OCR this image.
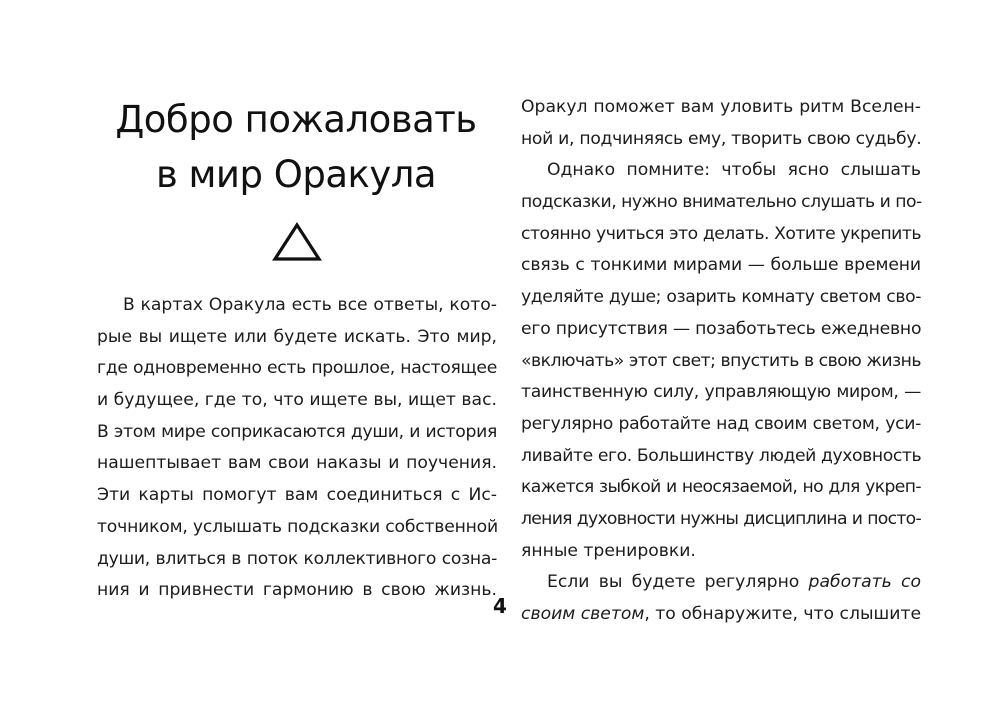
Добро пожаловать
в мир Оракула
В картах Оракула есть все ответы, кото-
рые вы ищете или будете искать. Это мир,
где одновременно есть прошлое, настоящее
и будущее, где то, что ищете вы, ищет вас.
В этом мире соприкасаются души, и история
нашептывает вам свои наказы и поучения.
Эти карты помогут вам соединиться с Ис-
точником, услышать подсказки собственной
души, влиться в поток коллективного созна-
ния и привнести гармонию в свою жизнь.
Оракул поможет вам уловить ритм Вселен-
ной и, подчиняясь ему, творить свою судьбу.
Однако помните: чтобы ясно слышать
подсказки, нужно внимательно слушать и по-
стоянно учиться это делать. Хотите укрепить
связь с тонкими мирами — больше времени
уделяйте душе; озарить комнату светом сво-
его присутствия — позаботьтесь ежедневно
«включать» этот свет; впустить в свою жизнь
таинственную силу, управляющую миром, —
регулярно работайте над своим светом, уси-
ливайте его. Большинству людей духовность
кажется зыбкой и неосязаемой, но для укреп-
ления духовности нужны дисциплина и посто-
янные тренировки.
Если вы будете регулярно работать со
своим светом, то обнаружите, что слышите
4
